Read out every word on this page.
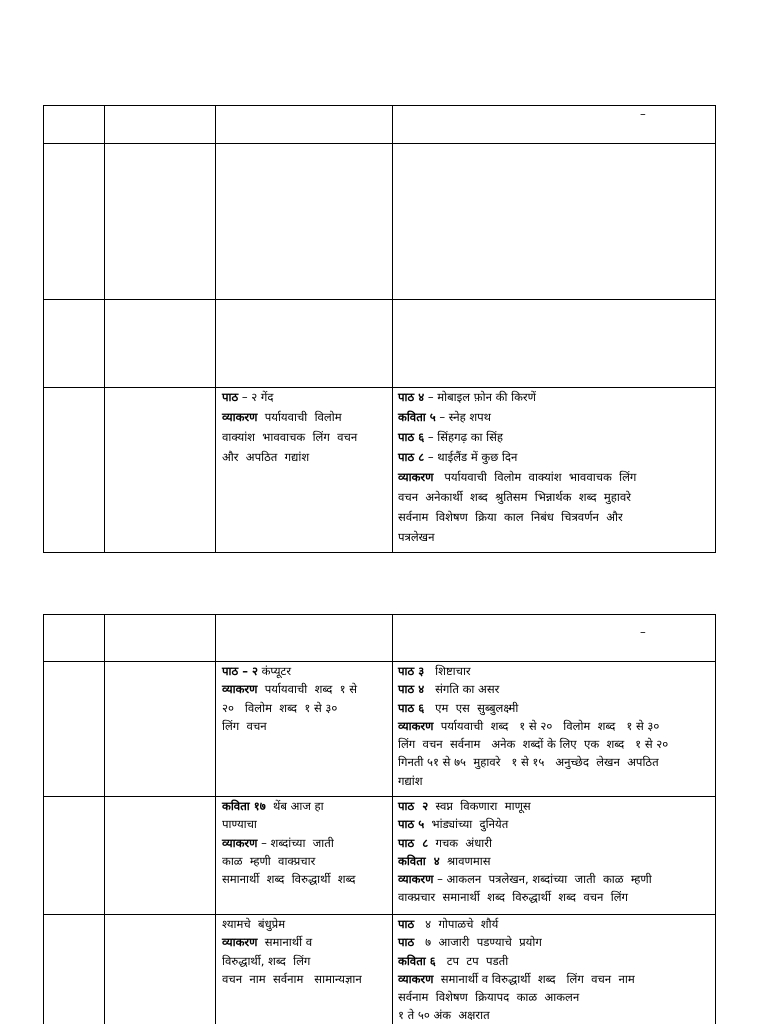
–
पाठ – २ गेंद
व्याकरण  पर्यायवाची  विलोम
वाक्यांश  भाववाचक  लिंग  वचन
और  अपठित  गद्यांश
पाठ ४ – मोबाइल फ़ोन की किरणें
कविता ५ – स्नेह शपथ
पाठ ६ – सिंहगढ़ का सिंह
पाठ ८ – थाईलैंड में कुछ दिन
व्याकरण   पर्यायवाची  विलोम  वाक्यांश  भाववाचक  लिंग
वचन  अनेकार्थी  शब्द  श्रुतिसम  भिन्नार्थक  शब्द  मुहावरे
सर्वनाम  विशेषण  क्रिया  काल  निबंध  चित्रवर्णन  और
पत्रलेखन
–
पाठ – २ कंप्यूटर
व्याकरण  पर्यायवाची  शब्द  १ से
२०   विलोम  शब्द  १ से ३०
लिंग  वचन
पाठ ३   शिष्टाचार
पाठ ४   संगति का असर
पाठ ६   एम  एस  सुब्बुलक्ष्मी
व्याकरण  पर्यायवाची  शब्द   १ से २०   विलोम  शब्द   १ से ३०
लिंग  वचन  सर्वनाम   अनेक  शब्दों के लिए  एक  शब्द   १ से २०
गिनती ५१ से ७५  मुहावरे   १ से १५   अनुच्छेद  लेखन  अपठित
गद्यांश
कविता १७  थेंब आज हा
पाण्याचा
व्याकरण – शब्दांच्या  जाती
काळ  म्हणी  वाक्प्रचार
समानार्थी  शब्द  विरुद्धार्थी  शब्द
पाठ  २  स्वप्न  विकणारा  माणूस
पाठ ५  भांड्यांच्या  दुनियेत
पाठ  ८  गचक  अंधारी
कविता  ४  श्रावणमास
व्याकरण – आकलन  पत्रलेखन, शब्दांच्या  जाती  काळ  म्हणी
वाक्प्रचार  समानार्थी  शब्द  विरुद्धार्थी  शब्द  वचन  लिंग
श्यामचे  बंधुप्रेम
व्याकरण  समानार्थी व
विरुद्धार्थी, शब्द  लिंग
वचन  नाम  सर्वनाम   सामान्यज्ञान
पाठ   ४  गोपाळचे  शौर्य
पाठ   ७  आजारी  पडण्याचे  प्रयोग
कविता ६   टप  टप  पडती
व्याकरण  समानार्थी व विरुद्धार्थी  शब्द   लिंग  वचन  नाम
सर्वनाम  विशेषण  क्रियापद  काळ  आकलन
१ ते ५० अंक  अक्षरात
